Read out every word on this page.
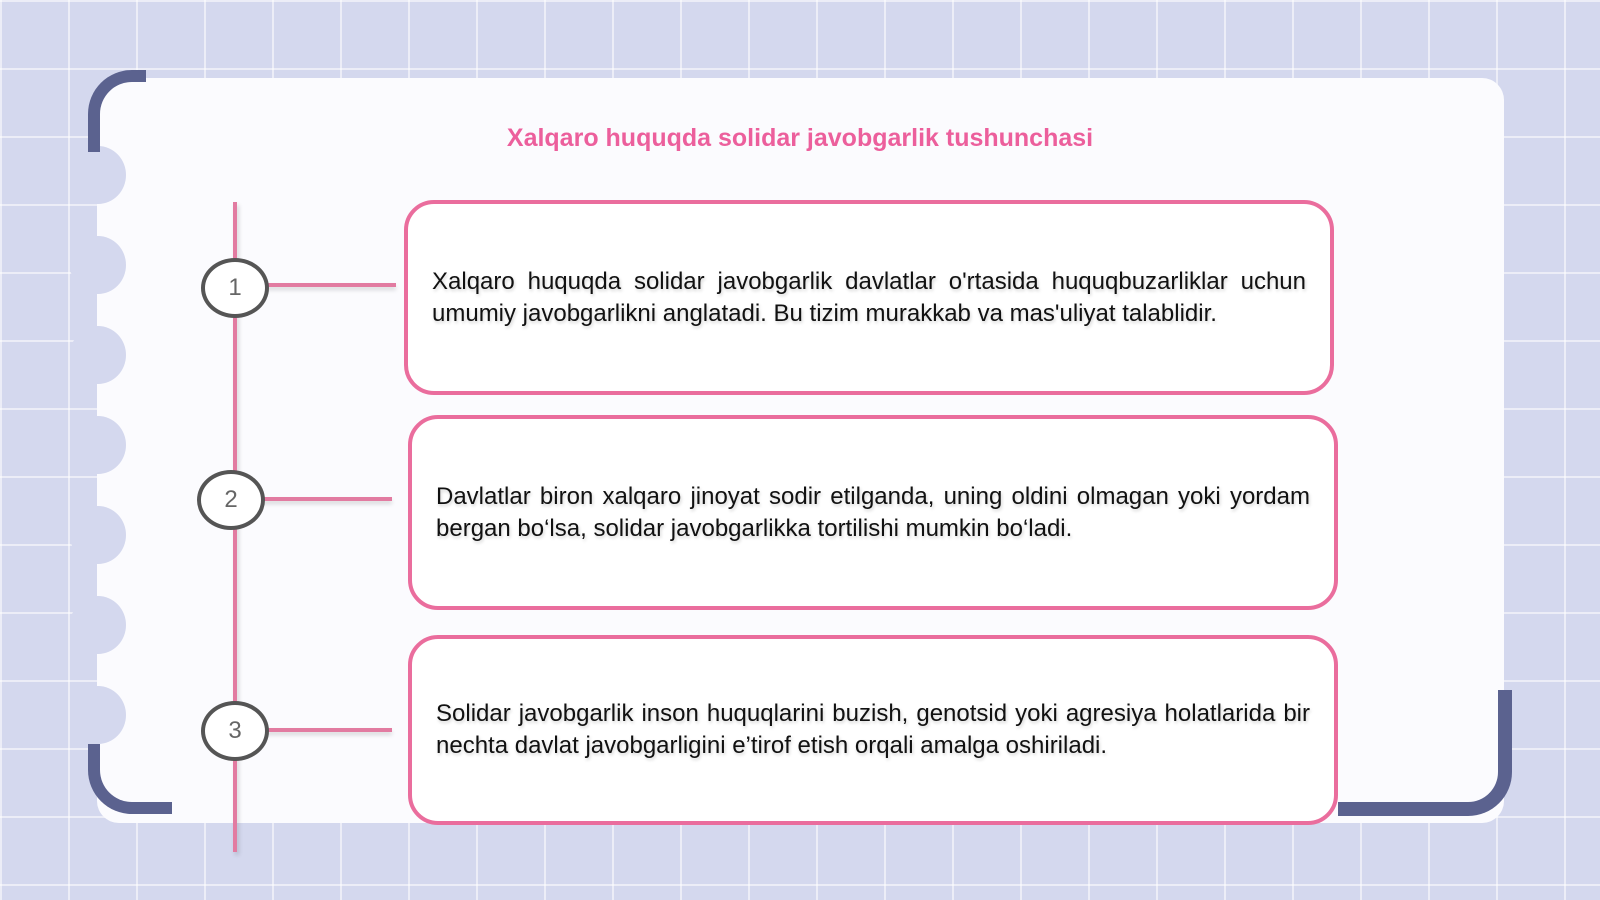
Xalqaro huquqda solidar javobgarlik tushunchasi
1
2
3

Xalqaro huquqda solidar javobgarlik davlatlar o'rtasida huquqbuzarliklar uchun umumiy javobgarlikni anglatadi. Bu tizim murakkab va mas'uliyat talablidir.

Davlatlar biron xalqaro jinoyat sodir etilganda, uning oldini olmagan yoki yordam bergan bo‘lsa, solidar javobgarlikka tortilishi mumkin bo‘ladi.

Solidar javobgarlik inson huquqlarini buzish, genotsid yoki agresiya holatlarida bir nechta davlat javobgarligini e’tirof etish orqali amalga oshiriladi.
